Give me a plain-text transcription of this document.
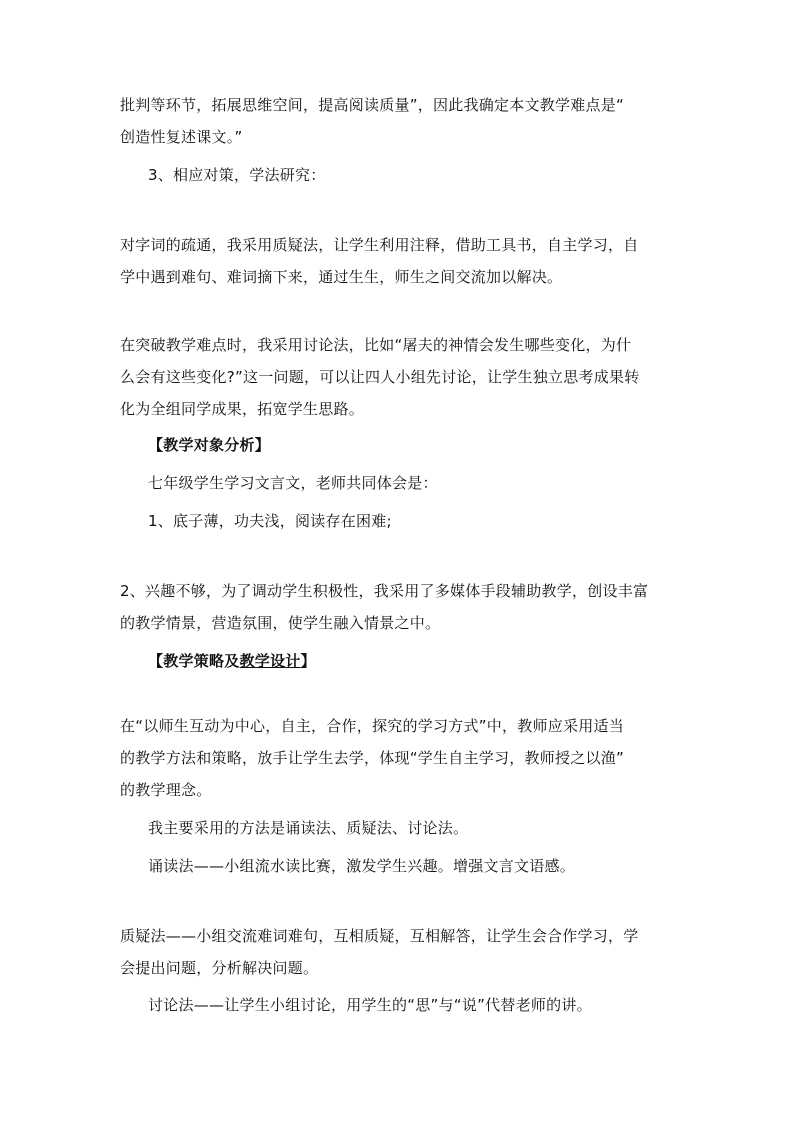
批判等环节，拓展思维空间，提高阅读质量”，因此我确定本文教学难点是“

创造性复述课文。”

3、相应对策，学法研究：

对字词的疏通，我采用质疑法，让学生利用注释，借助工具书，自主学习，自

学中遇到难句、难词摘下来，通过生生，师生之间交流加以解决。

在突破教学难点时，我采用讨论法，比如“屠夫的神情会发生哪些变化，为什

么会有这些变化?”这一问题，可以让四人小组先讨论，让学生独立思考成果转

化为全组同学成果，拓宽学生思路。

【教学对象分析】

七年级学生学习文言文，老师共同体会是：

1、底子薄，功夫浅，阅读存在困难;

2、兴趣不够，为了调动学生积极性，我采用了多媒体手段辅助教学，创设丰富

的教学情景，营造氛围，使学生融入情景之中。

【教学策略及教学设计】

在“以师生互动为中心，自主，合作，探究的学习方式”中，教师应采用适当

的教学方法和策略，放手让学生去学，体现“学生自主学习，教师授之以渔”

的教学理念。

我主要采用的方法是诵读法、质疑法、讨论法。

诵读法——小组流水读比赛，激发学生兴趣。增强文言文语感。

质疑法——小组交流难词难句，互相质疑，互相解答，让学生会合作学习，学

会提出问题，分析解决问题。

讨论法——让学生小组讨论，用学生的“思”与“说”代替老师的讲。
